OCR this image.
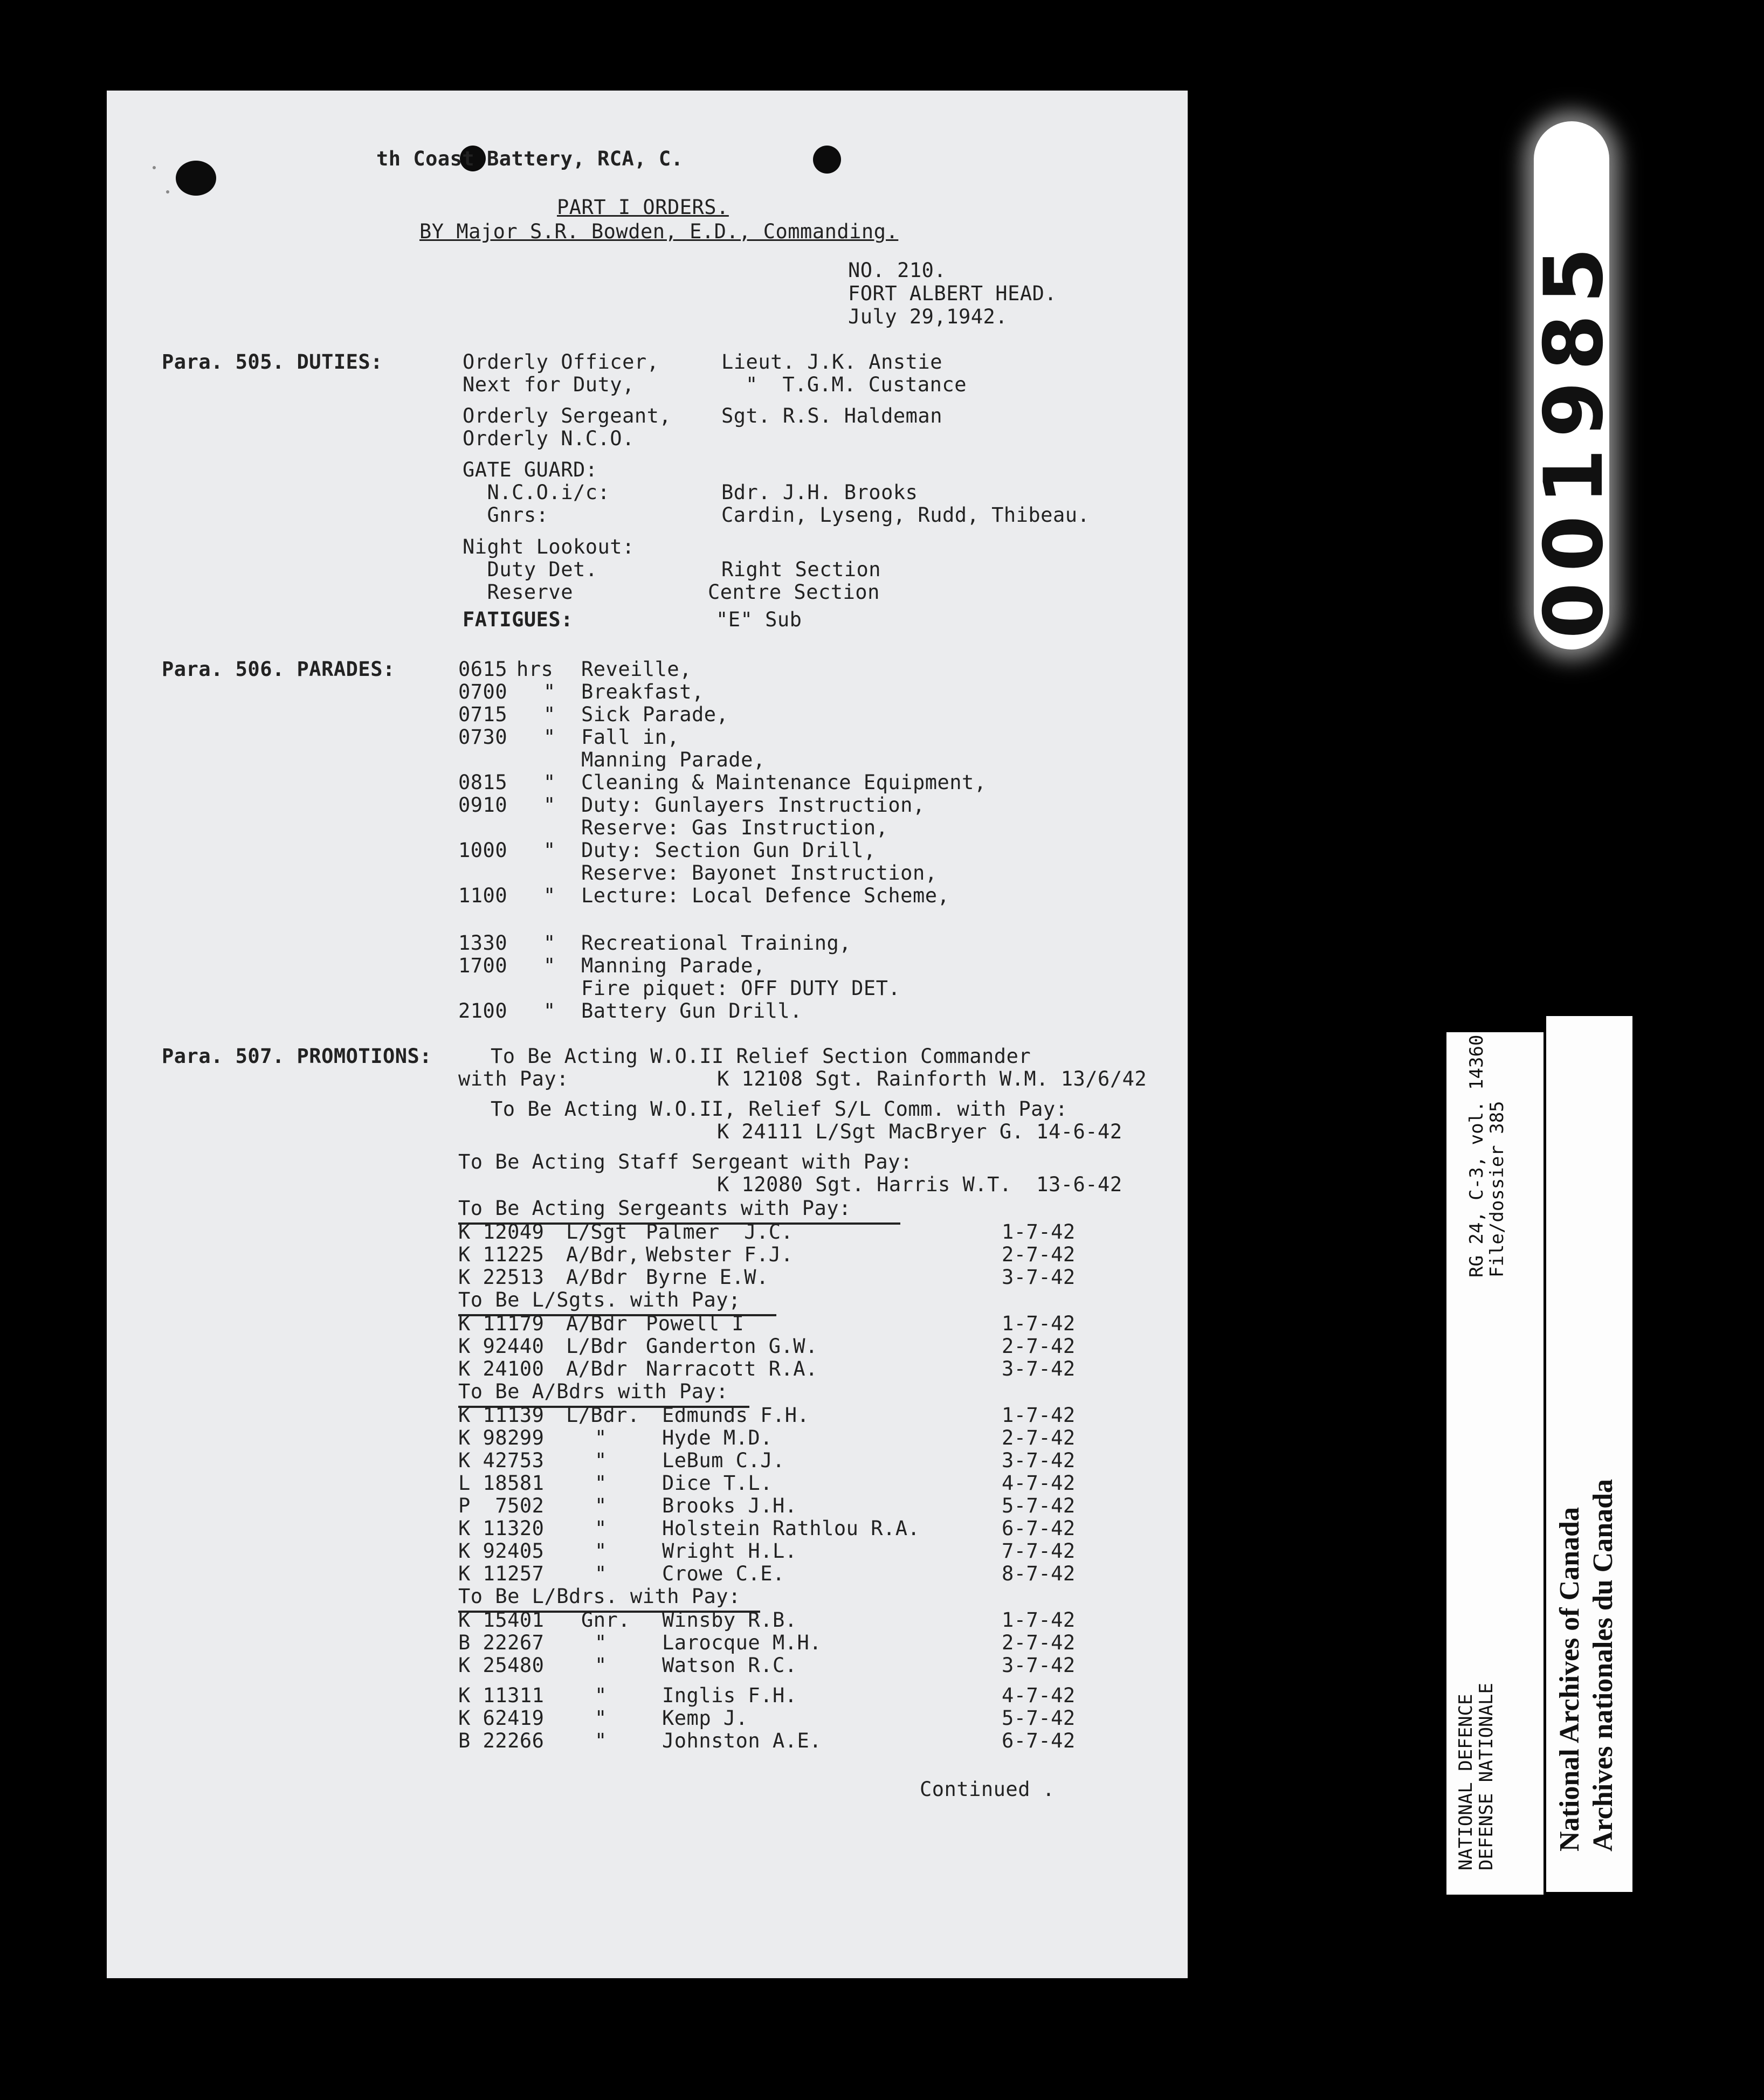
th Coast Battery, RCA, C.
PART I ORDERS.
BY Major S.R. Bowden, E.D., Commanding.
NO. 210.
FORT ALBERT HEAD.
July 29,1942.
Para. 505. DUTIES:	Orderly Officer,	Lieut. J.K. Anstie
Next for Duty,	"  T.G.M. Custance
Orderly Sergeant,	Sgt. R.S. Haldeman
Orderly N.C.O.
GATE GUARD:
N.C.O.i/c:	Bdr. J.H. Brooks
Gnrs:	Cardin, Lyseng, Rudd, Thibeau.
Night Lookout:
Duty Det.	Right Section
Reserve	Centre Section
FATIGUES:	"E" Sub
Para. 506. PARADES:	0615 hrs Reveille,
0700 " Breakfast,
0715 " Sick Parade,
0730 " Fall in,
Manning Parade,
0815 " Cleaning & Maintenance Equipment,
0910 " Duty: Gunlayers Instruction,
Reserve: Gas Instruction,
1000 " Duty: Section Gun Drill,
Reserve: Bayonet Instruction,
1100 " Lecture: Local Defence Scheme,
1330 " Recreational Training,
1700 " Manning Parade,
Fire piquet: OFF DUTY DET.
2100 " Battery Gun Drill.
Para. 507. PROMOTIONS:	To Be Acting W.O.II Relief Section Commander
with Pay:	K 12108 Sgt. Rainforth W.M. 13/6/42
To Be Acting W.O.II, Relief S/L Comm. with Pay:
K 24111 L/Sgt MacBryer G. 14-6-42
To Be Acting Staff Sergeant with Pay:
K 12080 Sgt. Harris W.T.  13-6-42
To Be Acting Sergeants with Pay:
K 12049 L/Sgt Palmer  J.C.	1-7-42
K 11225 A/Bdr, Webster F.J.	2-7-42
K 22513 A/Bdr Byrne E.W.	3-7-42
To Be L/Sgts. with Pay;
K 11179 A/Bdr Powell I	1-7-42
K 92440 L/Bdr Ganderton G.W.	2-7-42
K 24100 A/Bdr Narracott R.A.	3-7-42
To Be A/Bdrs with Pay:
K 11139 L/Bdr. Edmunds F.H.	1-7-42
K 98299	"	Hyde M.D.	2-7-42
K 42753	"	LeBum C.J.	3-7-42
L 18581	"	Dice T.L.	4-7-42
P  7502	"	Brooks J.H.	5-7-42
K 11320	"	Holstein Rathlou R.A.	6-7-42
K 92405	"	Wright H.L.	7-7-42
K 11257	"	Crowe C.E.	8-7-42
To Be L/Bdrs. with Pay:
K 15401 Gnr. Winsby R.B.	1-7-42
B 22267	"	Larocque M.H.	2-7-42
K 25480	"	Watson R.C.	3-7-42
K 11311	"	Inglis F.H.	4-7-42
K 62419	"	Kemp J.	5-7-42
B 22266	"	Johnston A.E.	6-7-42
Continued .
001985
RG 24, C-3, vol. 14360
File/dossier 385
NATIONAL DEFENCE
DEFENSE NATIONALE National Archives of Canada Archives nationales du Canada
